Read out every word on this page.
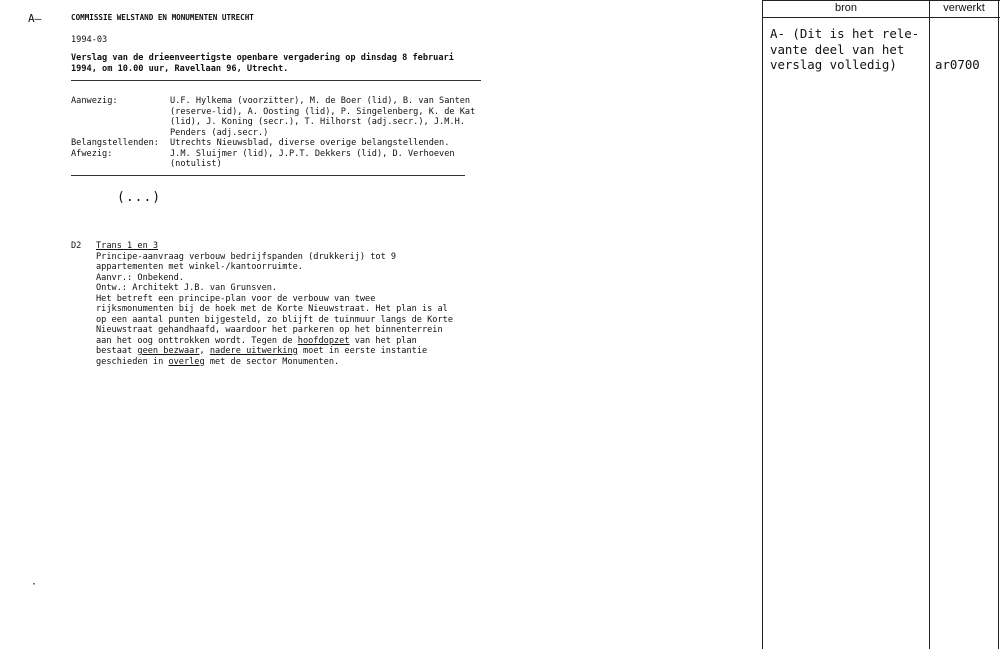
A–	COMMISSIE WELSTAND EN MONUMENTEN UTRECHT
1994-03
Verslag van de drieenveertigste openbare vergadering op dinsdag 8 februari
1994, om 10.00 uur, Ravellaan 96, Utrecht.
Aanwezig:	U.F. Hylkema (voorzitter), M. de Boer (lid), B. van Santen
(reserve-lid), A. Oosting (lid), P. Singelenberg, K. de Kat
(lid), J. Koning (secr.), T. Hilhorst (adj.secr.), J.M.H.
Penders (adj.secr.)
Belangstellenden: Utrechts Nieuwsblad, diverse overige belangstellenden.
Afwezig:	J.M. Sluijmer (lid), J.P.T. Dekkers (lid), D. Verhoeven
(notulist)
(...)
D2 Trans 1 en 3
Principe-aanvraag verbouw bedrijfspanden (drukkerij) tot 9
appartementen met winkel-/kantoorruimte.
Aanvr.: Onbekend.
Ontw.: Architekt J.B. van Grunsven.
Het betreft een principe-plan voor de verbouw van twee
rijksmonumenten bij de hoek met de Korte Nieuwstraat. Het plan is al
op een aantal punten bijgesteld, zo blijft de tuinmuur langs de Korte
Nieuwstraat gehandhaafd, waardoor het parkeren op het binnenterrein
aan het oog onttrokken wordt. Tegen de hoofdopzet van het plan
bestaat geen bezwaar, nadere uitwerking moet in eerste instantie
geschieden in overleg met de sector Monumenten.
·
bron	verwerkt
A- (Dit is het rele-
vante deel van het
verslag volledig)	ar0700
